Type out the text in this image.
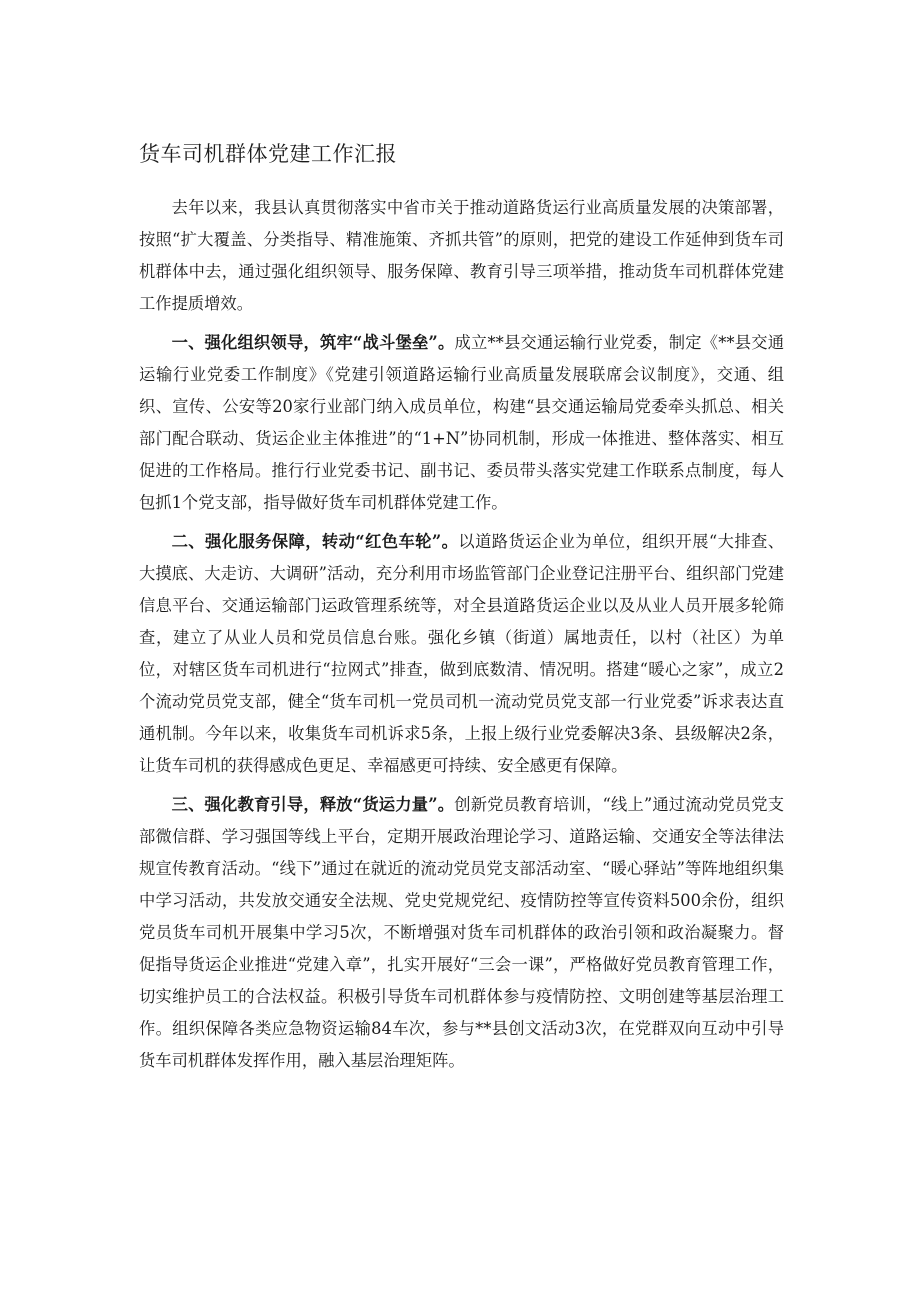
货车司机群体党建工作汇报

去年以来，我县认真贯彻落实中省市关于推动道路货运行业高质量发展的决策部署，按照“扩大覆盖、分类指导、精准施策、齐抓共管”的原则，把党的建设工作延伸到货车司机群体中去，通过强化组织领导、服务保障、教育引导三项举措，推动货车司机群体党建工作提质增效。

一、强化组织领导，筑牢“战斗堡垒”。成立**县交通运输行业党委，制定《**县交通运输行业党委工作制度》《党建引领道路运输行业高质量发展联席会议制度》，交通、组织、宣传、公安等20家行业部门纳入成员单位，构建“县交通运输局党委牵头抓总、相关部门配合联动、货运企业主体推进”的“1+N”协同机制，形成一体推进、整体落实、相互促进的工作格局。推行行业党委书记、副书记、委员带头落实党建工作联系点制度，每人包抓1个党支部，指导做好货车司机群体党建工作。

二、强化服务保障，转动“红色车轮”。以道路货运企业为单位，组织开展“大排查、大摸底、大走访、大调研”活动，充分利用市场监管部门企业登记注册平台、组织部门党建信息平台、交通运输部门运政管理系统等，对全县道路货运企业以及从业人员开展多轮筛查，建立了从业人员和党员信息台账。强化乡镇（街道）属地责任，以村（社区）为单位，对辖区货车司机进行“拉网式”排查，做到底数清、情况明。搭建“暖心之家”，成立2个流动党员党支部，健全“货车司机一党员司机一流动党员党支部一行业党委”诉求表达直通机制。今年以来，收集货车司机诉求5条，上报上级行业党委解决3条、县级解决2条，让货车司机的获得感成色更足、幸福感更可持续、安全感更有保障。

三、强化教育引导，释放“货运力量”。创新党员教育培训，“线上”通过流动党员党支部微信群、学习强国等线上平台，定期开展政治理论学习、道路运输、交通安全等法律法规宣传教育活动。“线下”通过在就近的流动党员党支部活动室、“暖心驿站”等阵地组织集中学习活动，共发放交通安全法规、党史党规党纪、疫情防控等宣传资料500余份，组织党员货车司机开展集中学习5次，不断增强对货车司机群体的政治引领和政治凝聚力。督促指导货运企业推进“党建入章”，扎实开展好“三会一课”，严格做好党员教育管理工作，切实维护员工的合法权益。积极引导货车司机群体参与疫情防控、文明创建等基层治理工作。组织保障各类应急物资运输84车次，参与**县创文活动3次，在党群双向互动中引导货车司机群体发挥作用，融入基层治理矩阵。
